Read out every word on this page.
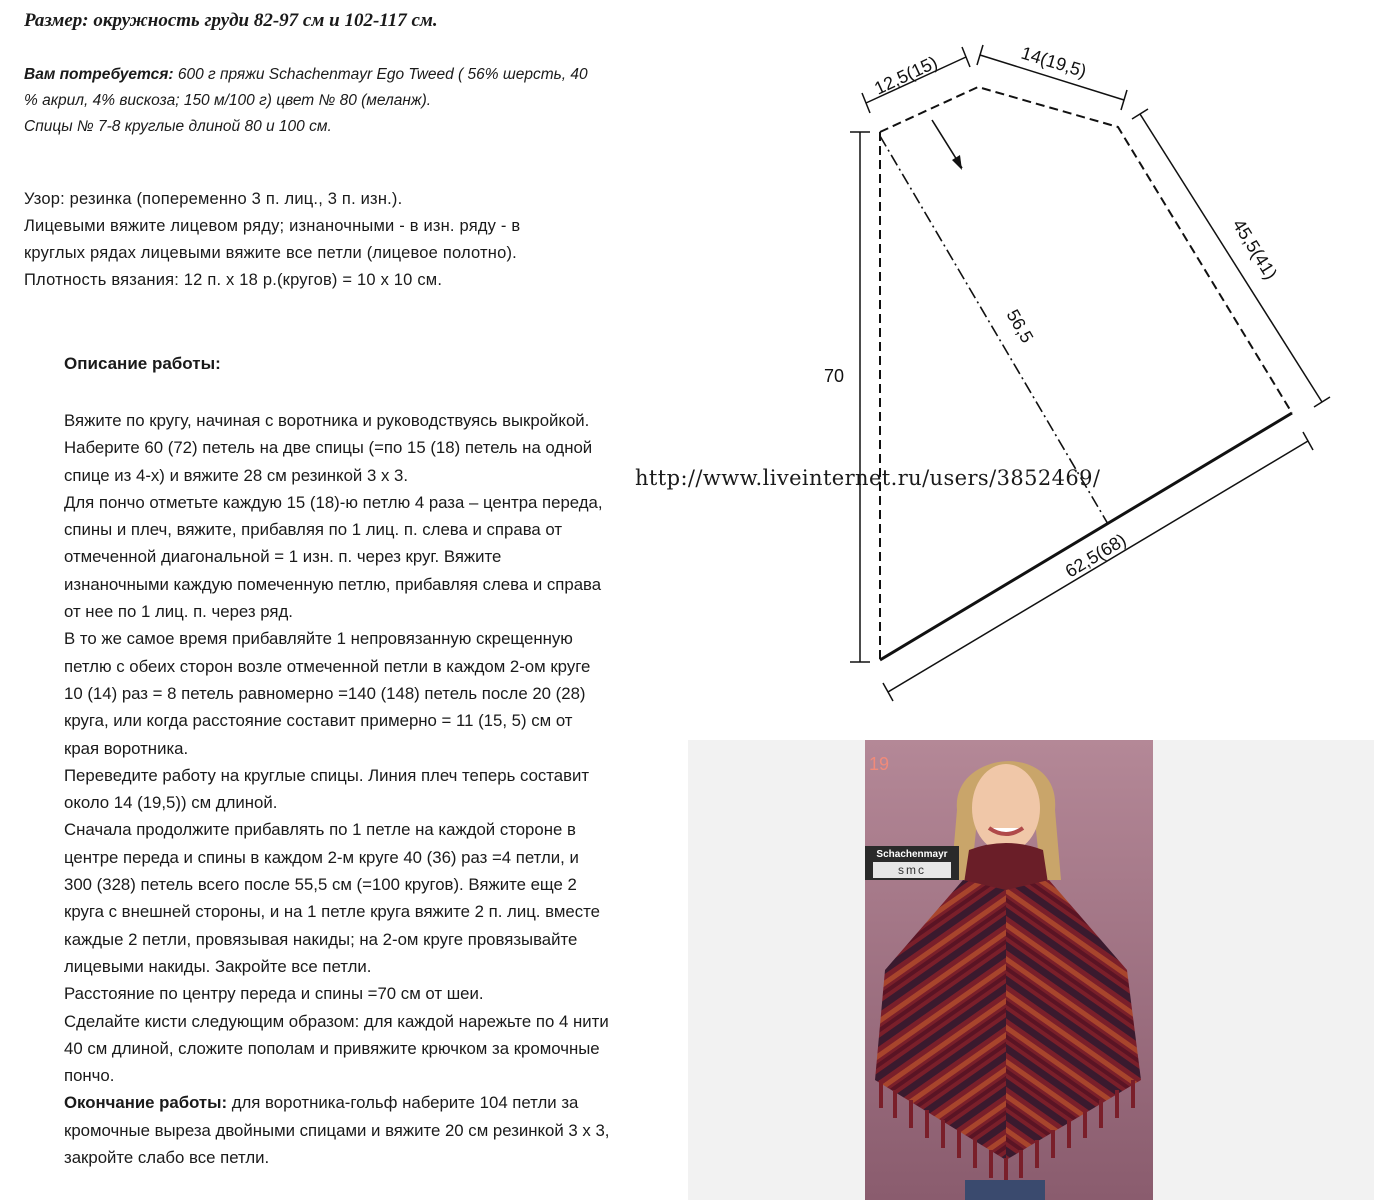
Размер: окружность груди 82-97 см и 102-117 см.
Вам потребуется: 600 г пряжи Schachenmayr Ego Tweed ( 56% шерсть, 40
% акрил, 4% вискоза; 150 м/100 г) цвет № 80 (меланж).
Спицы № 7-8 круглые длиной 80 и 100 см.

Узор: резинка (попеременно 3 п. лиц., 3 п. изн.).

Лицевыми вяжите лицевом ряду; изнаночными - в изн. ряду - в

круглых рядах лицевыми вяжите все петли (лицевое полотно).

Плотность вязания: 12 п. х 18 р.(кругов) = 10 х 10 см.

Описание работы:

Вяжите по кругу, начиная с воротника и руководствуясь выкройкой.

Наберите 60 (72) петель на две спицы (=по 15 (18) петель на одной

спице из 4-х) и вяжите 28 см резинкой 3 х 3.

Для пончо отметьте каждую 15 (18)-ю петлю 4 раза – центра переда,

спины и плеч, вяжите, прибавляя по 1 лиц. п. слева и справа от

отмеченной диагональной = 1 изн. п. через круг. Вяжите

изнаночными каждую помеченную петлю, прибавляя слева и справа

от нее по 1 лиц. п. через ряд.

В то же самое время прибавляйте 1 непровязанную скрещенную

петлю с обеих сторон возле отмеченной петли в каждом 2-ом круге

10 (14) раз = 8 петель равномерно =140 (148) петель после 20 (28)

круга, или когда расстояние составит примерно = 11 (15, 5) см от

края воротника.

Переведите работу на круглые спицы. Линия плеч теперь составит

около 14 (19,5)) см длиной.

Сначала продолжите прибавлять по 1 петле на каждой стороне в

центре переда и спины в каждом 2-м круге 40 (36) раз =4 петли, и

300 (328) петель всего после 55,5 см (=100 кругов). Вяжите еще 2

круга с внешней стороны, и на 1 петле круга вяжите 2 п. лиц. вместе

каждые 2 петли, провязывая накиды; на 2-ом круге провязывайте

лицевыми накиды. Закройте все петли.

Расстояние по центру переда и спины =70 см от шеи.

Сделайте кисти следующим образом: для каждой нарежьте по 4 нити

40 см длиной, сложите пополам и привяжите крючком за кромочные

пончо.

Окончание работы: для воротника-гольф наберите 104 петли за

кромочные выреза двойными спицами и вяжите 20 см резинкой 3 х 3,

закройте слабо все петли.

12,5(15)	14(19,5)
45,5(41)
56,5
70
62,5(68)
http://www.liveinternet.ru/users/3852469/
19
Schachenmayr
smc
